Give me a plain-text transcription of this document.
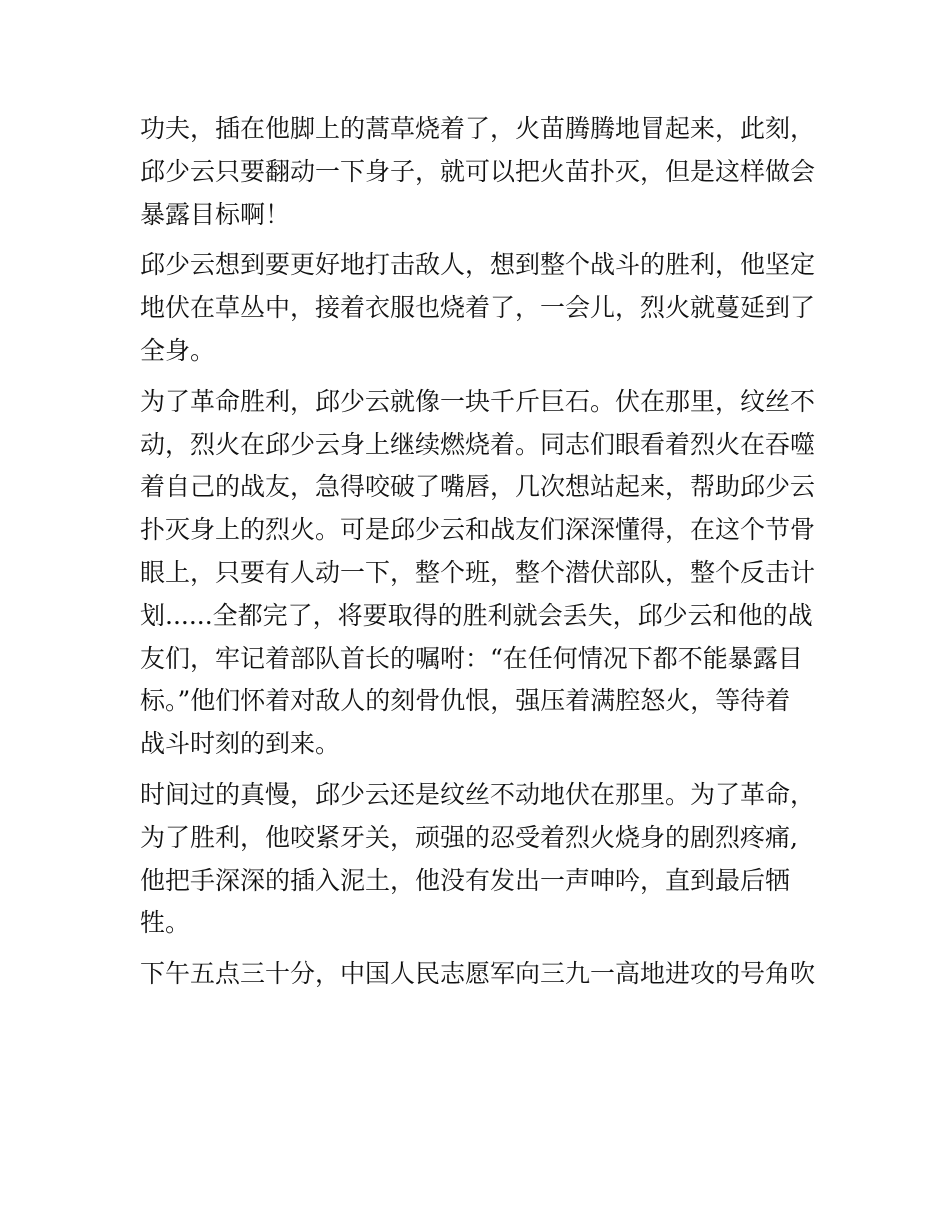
功夫，插在他脚上的蒿草烧着了，火苗腾腾地冒起来，此刻，
邱少云只要翻动一下身子，就可以把火苗扑灭，但是这样做会
暴露目标啊！
邱少云想到要更好地打击敌人，想到整个战斗的胜利，他坚定
地伏在草丛中，接着衣服也烧着了，一会儿，烈火就蔓延到了
全身。
为了革命胜利，邱少云就像一块千斤巨石。伏在那里，纹丝不
动，烈火在邱少云身上继续燃烧着。同志们眼看着烈火在吞噬
着自己的战友，急得咬破了嘴唇，几次想站起来，帮助邱少云
扑灭身上的烈火。可是邱少云和战友们深深懂得，在这个节骨
眼上，只要有人动一下，整个班，整个潜伏部队，整个反击计
划......全都完了，将要取得的胜利就会丢失，邱少云和他的战
友们，牢记着部队首长的嘱咐：“在任何情况下都不能暴露目
标。”他们怀着对敌人的刻骨仇恨，强压着满腔怒火，等待着
战斗时刻的到来。
时间过的真慢，邱少云还是纹丝不动地伏在那里。为了革命，
为了胜利，他咬紧牙关，顽强的忍受着烈火烧身的剧烈疼痛,
他把手深深的插入泥土，他没有发出一声呻吟，直到最后牺
牲。
下午五点三十分，中国人民志愿军向三九一高地进攻的号角吹
